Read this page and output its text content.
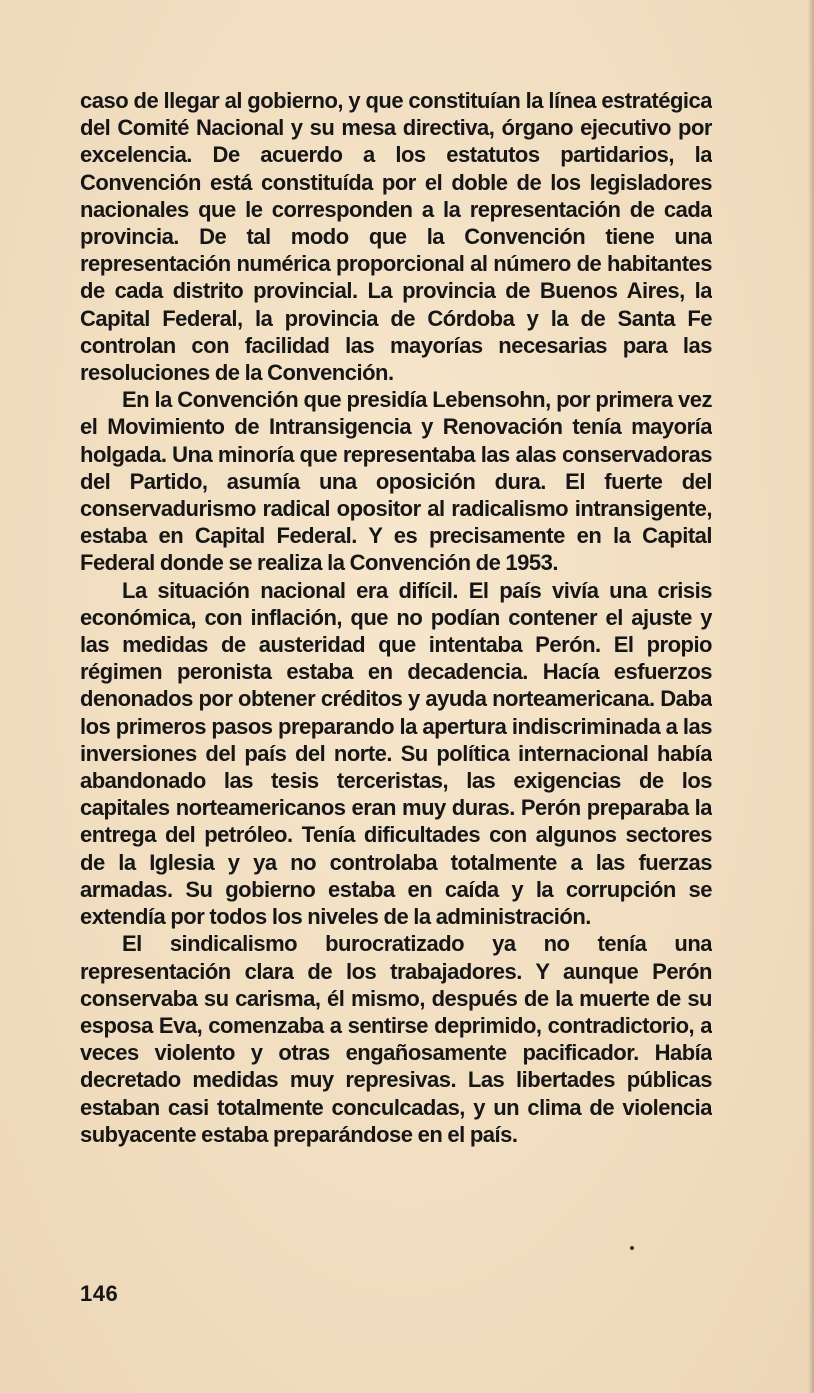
caso de llegar al gobierno, y que constituían la línea estratégica del Comité Nacional y su mesa directiva, órgano ejecutivo por excelencia. De acuerdo a los estatutos partidarios, la Convención está constituída por el doble de los legisladores nacionales que le corresponden a la representación de cada provincia. De tal modo que la Convención tiene una representación numérica proporcional al número de habitantes de cada distrito provincial. La provincia de Buenos Aires, la Capital Federal, la provincia de Córdoba y la de Santa Fe controlan con facilidad las mayorías necesarias para las resoluciones de la Convención.

En la Convención que presidía Lebensohn, por primera vez el Movimiento de Intransigencia y Renovación tenía mayoría holgada. Una minoría que representaba las alas conservadoras del Partido, asumía una oposición dura. El fuerte del conservadurismo radical opositor al radicalismo intransigente, estaba en Capital Federal. Y es precisamente en la Capital Federal donde se realiza la Convención de 1953.

La situación nacional era difícil. El país vivía una crisis económica, con inflación, que no podían contener el ajuste y las medidas de austeridad que intentaba Perón. El propio régimen peronista estaba en decadencia. Hacía esfuerzos denonados por obtener créditos y ayuda norteamericana. Daba los primeros pasos preparando la apertura indiscriminada a las inversiones del país del norte. Su política internacional había abandonado las tesis terceristas, las exigencias de los capitales norteamericanos eran muy duras. Perón preparaba la entrega del petróleo. Tenía dificultades con algunos sectores de la Iglesia y ya no controlaba totalmente a las fuerzas armadas. Su gobierno estaba en caída y la corrupción se extendía por todos los niveles de la administración.

El sindicalismo burocratizado ya no tenía una representación clara de los trabajadores. Y aunque Perón conservaba su carisma, él mismo, después de la muerte de su esposa Eva, comenzaba a sentirse deprimido, contradictorio, a veces violento y otras engañosamente pacificador. Había decretado medidas muy represivas. Las libertades públicas estaban casi totalmente conculcadas, y un clima de violencia subyacente estaba preparándose en el país.

146
